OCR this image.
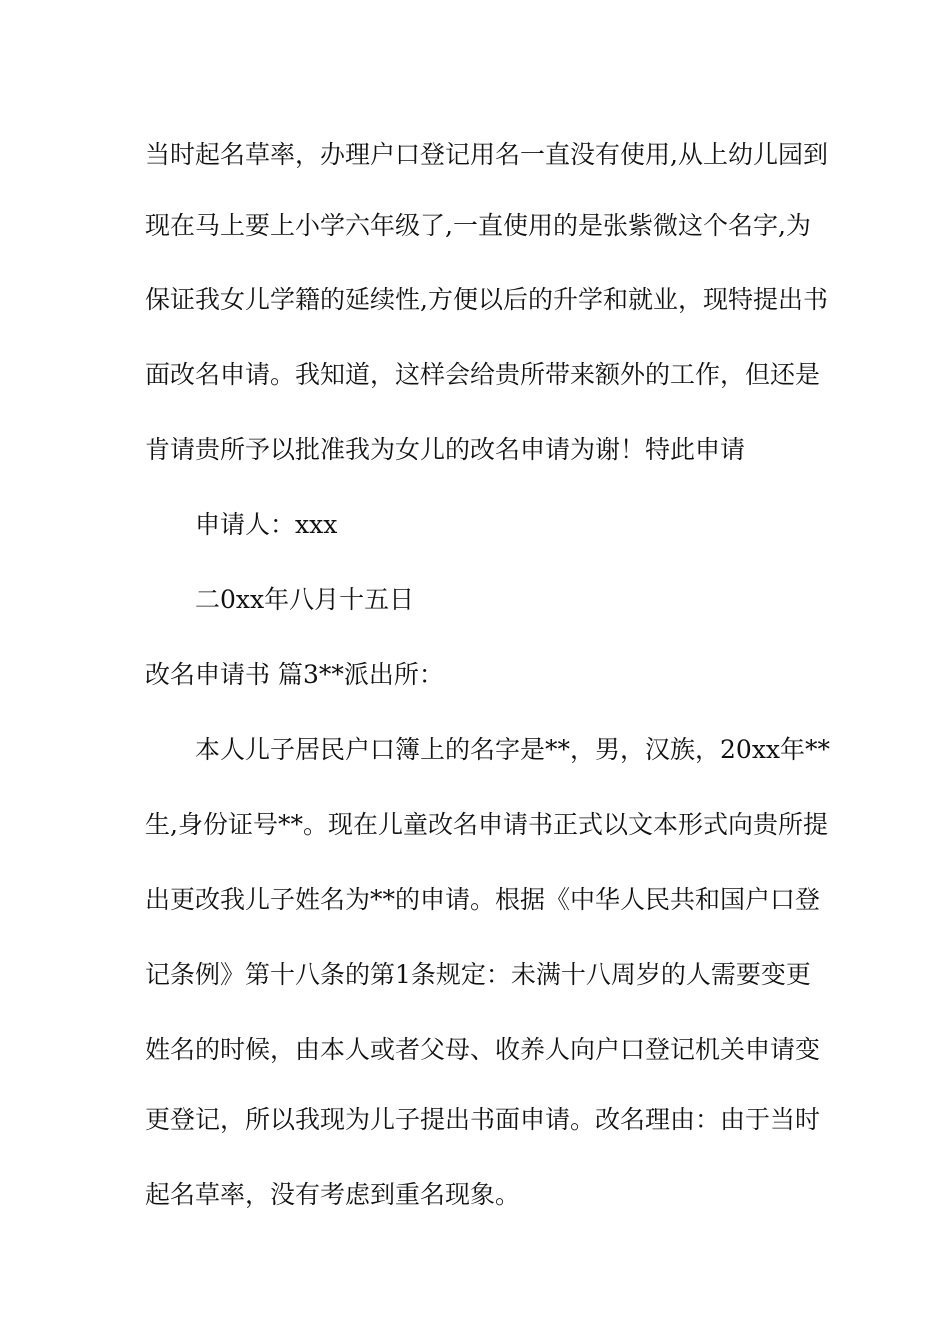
当时起名草率，办理户口登记用名一直没有使用,从上幼儿园到
现在马上要上小学六年级了,一直使用的是张紫微这个名字,为
保证我女儿学籍的延续性,方便以后的升学和就业，现特提出书
面改名申请。我知道，这样会给贵所带来额外的工作，但还是
肯请贵所予以批准我为女儿的改名申请为谢！特此申请
申请人：xxx
二0xx年八月十五日
改名申请书 篇3**派出所：
本人儿子居民户口簿上的名字是**，男，汉族，20xx年**
生,身份证号**。现在儿童改名申请书正式以文本形式向贵所提
出更改我儿子姓名为**的申请。根据《中华人民共和国户口登
记条例》第十八条的第1条规定：未满十八周岁的人需要变更
姓名的时候，由本人或者父母、收养人向户口登记机关申请变
更登记，所以我现为儿子提出书面申请。改名理由：由于当时
起名草率，没有考虑到重名现象。
